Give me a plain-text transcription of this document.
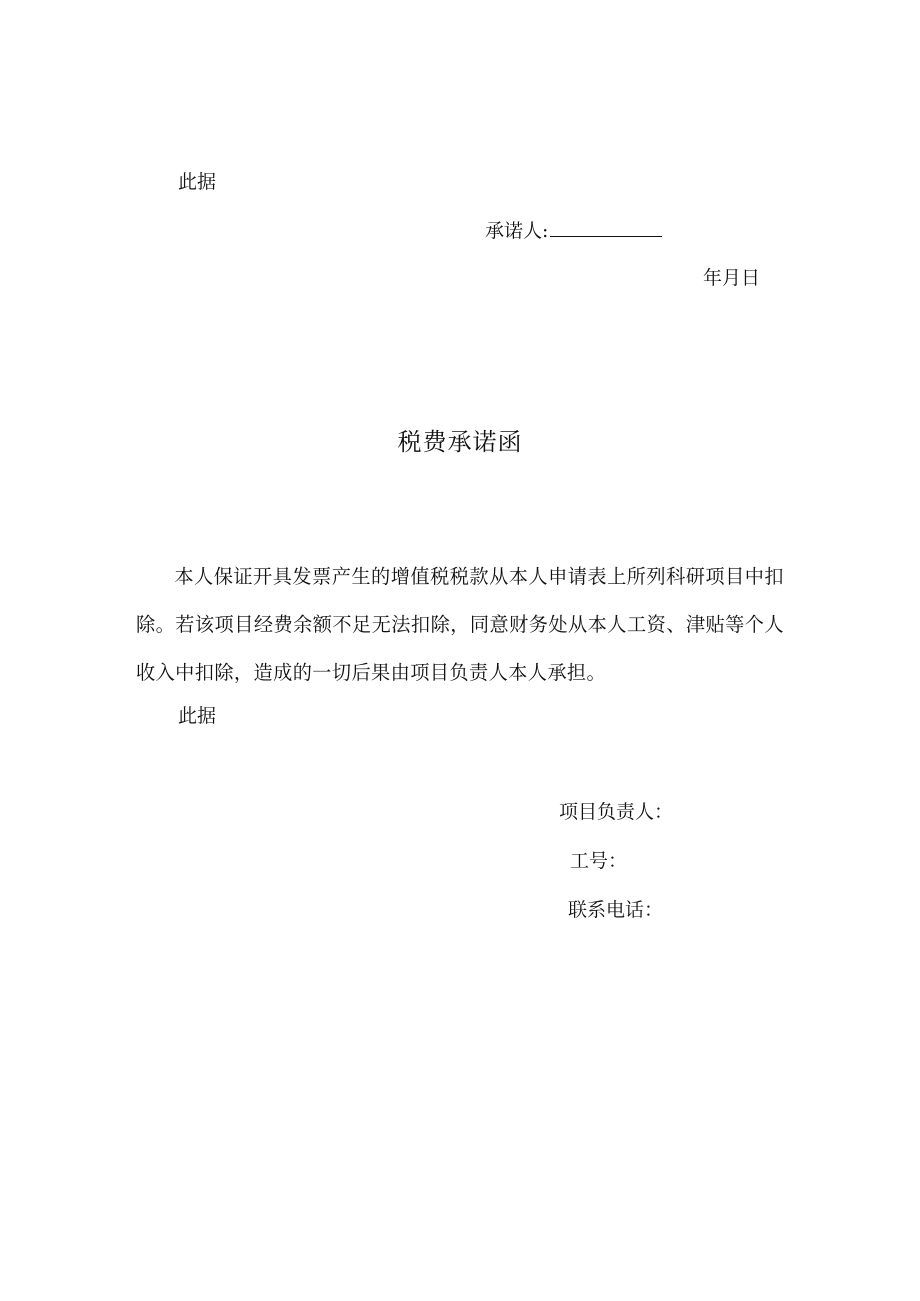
此据
承诺人:
年月日
税费承诺函
本人保证开具发票产生的增值税税款从本人申请表上所列科研项目中扣除。若该项目经费余额不足无法扣除，同意财务处从本人工资、津贴等个人收入中扣除，造成的一切后果由项目负责人本人承担。
此据
项目负责人：
工号：
联系电话：
